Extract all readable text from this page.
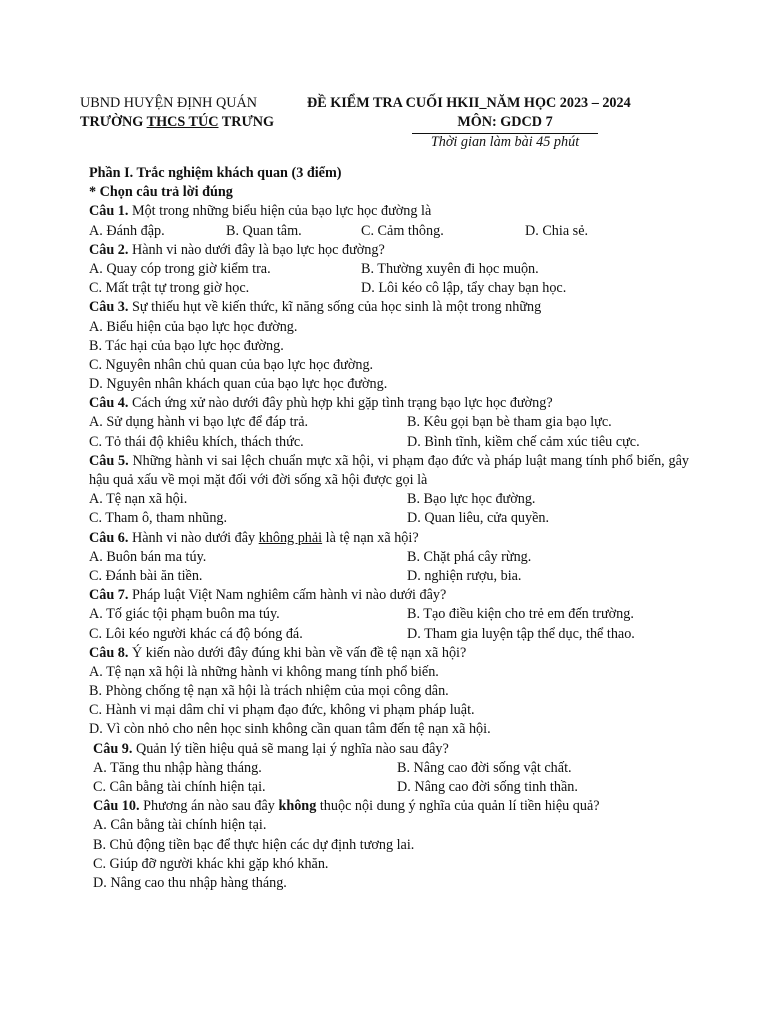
UBND HUYỆN ĐỊNH QUÁN
TRƯỜNG THCS TÚC TRƯNG
ĐỀ KIỂM TRA CUỐI HKII_NĂM HỌC 2023 – 2024
MÔN: GDCD 7
Thời gian làm bài 45 phút
Phần I. Trắc nghiệm khách quan (3 điểm)
* Chọn câu trả lời đúng
Câu 1. Một trong những biểu hiện của bạo lực học đường là
A. Đánh đập.	B. Quan tâm.	C. Cảm thông.	D. Chia sẻ.
Câu 2. Hành vi nào dưới đây là bạo lực học đường?
A. Quay cóp trong giờ kiểm tra.	B. Thường xuyên đi học muộn.
C. Mất trật tự trong giờ học.	D. Lôi kéo cô lập, tẩy chay bạn học.
Câu 3. Sự thiếu hụt về kiến thức, kĩ năng sống của học sinh là một trong những
A. Biểu hiện của bạo lực học đường.
B. Tác hại của bạo lực học đường.
C. Nguyên nhân chủ quan của bạo lực học đường.
D. Nguyên nhân khách quan của bạo lực học đường.
Câu 4. Cách ứng xử nào dưới đây phù hợp khi gặp tình trạng bạo lực học đường?
A. Sử dụng hành vi bạo lực để đáp trả.	B. Kêu gọi bạn bè tham gia bạo lực.
C. Tỏ thái độ khiêu khích, thách thức.	D. Bình tĩnh, kiềm chế cảm xúc tiêu cực.
Câu 5. Những hành vi sai lệch chuẩn mực xã hội, vi phạm đạo đức và pháp luật mang tính phổ biến, gây hậu quả xấu về mọi mặt đối với đời sống xã hội được gọi là
A. Tệ nạn xã hội.	B. Bạo lực học đường.
C. Tham ô, tham nhũng.	D. Quan liêu, cửa quyền.
Câu 6. Hành vi nào dưới đây không phải là tệ nạn xã hội?
A. Buôn bán ma túy.	B. Chặt phá cây rừng.
C. Đánh bài ăn tiền.	D. nghiện rượu, bia.
Câu 7. Pháp luật Việt Nam nghiêm cấm hành vi nào dưới đây?
A. Tố giác tội phạm buôn ma túy.	B. Tạo điều kiện cho trẻ em đến trường.
C. Lôi kéo người khác cá độ bóng đá.	D. Tham gia luyện tập thể dục, thể thao.
Câu 8. Ý kiến nào dưới đây đúng khi bàn về vấn đề tệ nạn xã hội?
A. Tệ nạn xã hội là những hành vi không mang tính phổ biến.
B. Phòng chống tệ nạn xã hội là trách nhiệm của mọi công dân.
C. Hành vi mại dâm chỉ vi phạm đạo đức, không vi phạm pháp luật.
D. Vì còn nhỏ cho nên học sinh không cần quan tâm đến tệ nạn xã hội.
Câu 9. Quản lý tiền hiệu quả sẽ mang lại ý nghĩa nào sau đây?
A. Tăng thu nhập hàng tháng.	B. Nâng cao đời sống vật chất.
C. Cân bằng tài chính hiện tại.	D. Nâng cao đời sống tinh thần.
Câu 10. Phương án nào sau đây không thuộc nội dung ý nghĩa của quản lí tiền hiệu quả?
A. Cân bằng tài chính hiện tại.
B. Chủ động tiền bạc để thực hiện các dự định tương lai.
C. Giúp đỡ người khác khi gặp khó khăn.
D. Nâng cao thu nhập hàng tháng.
